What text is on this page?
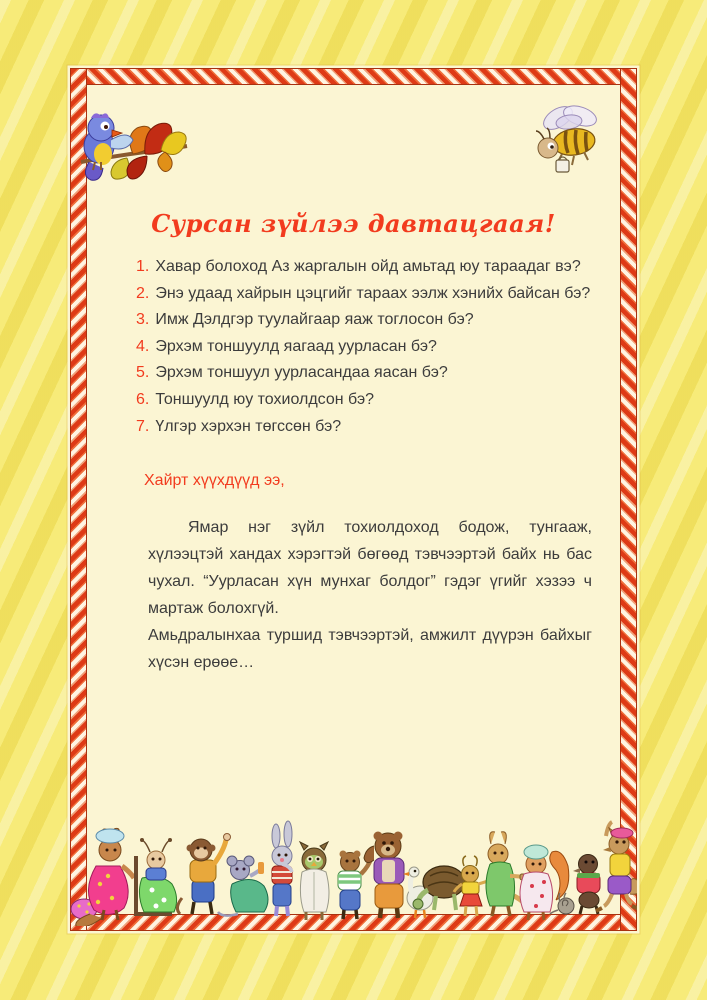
Сурсан зүйлээ давтацгаая!
1. Хавар болоход Аз жаргалын ойд амьтад юу тараадаг вэ?
2. Энэ удаад хайрын цэцгийг тараах ээлж хэнийх байсан бэ?
3. Имж Дэлдгэр туулайгаар яаж тоглосон бэ?
4. Эрхэм тоншуулд яагаад уурласан бэ?
5. Эрхэм тоншуул уурласандаа яасан бэ?
6. Тоншуулд юу тохиолдсон бэ?
7. Үлгэр хэрхэн төгссөн бэ?
Хайрт хүүхдүүд ээ,

Ямар нэг зүйл тохиолдоход бодож, тунгааж, хүлээцтэй хандах хэрэгтэй бөгөөд тэвчээртэй байх нь бас чухал. “Уурласан хүн мунхаг болдог” гэдэг үгийг хэзээ ч мартаж болохгүй.

Амьдралынхаа туршид тэвчээртэй, амжилт дүүрэн байхыг хүсэн ерөөе…
